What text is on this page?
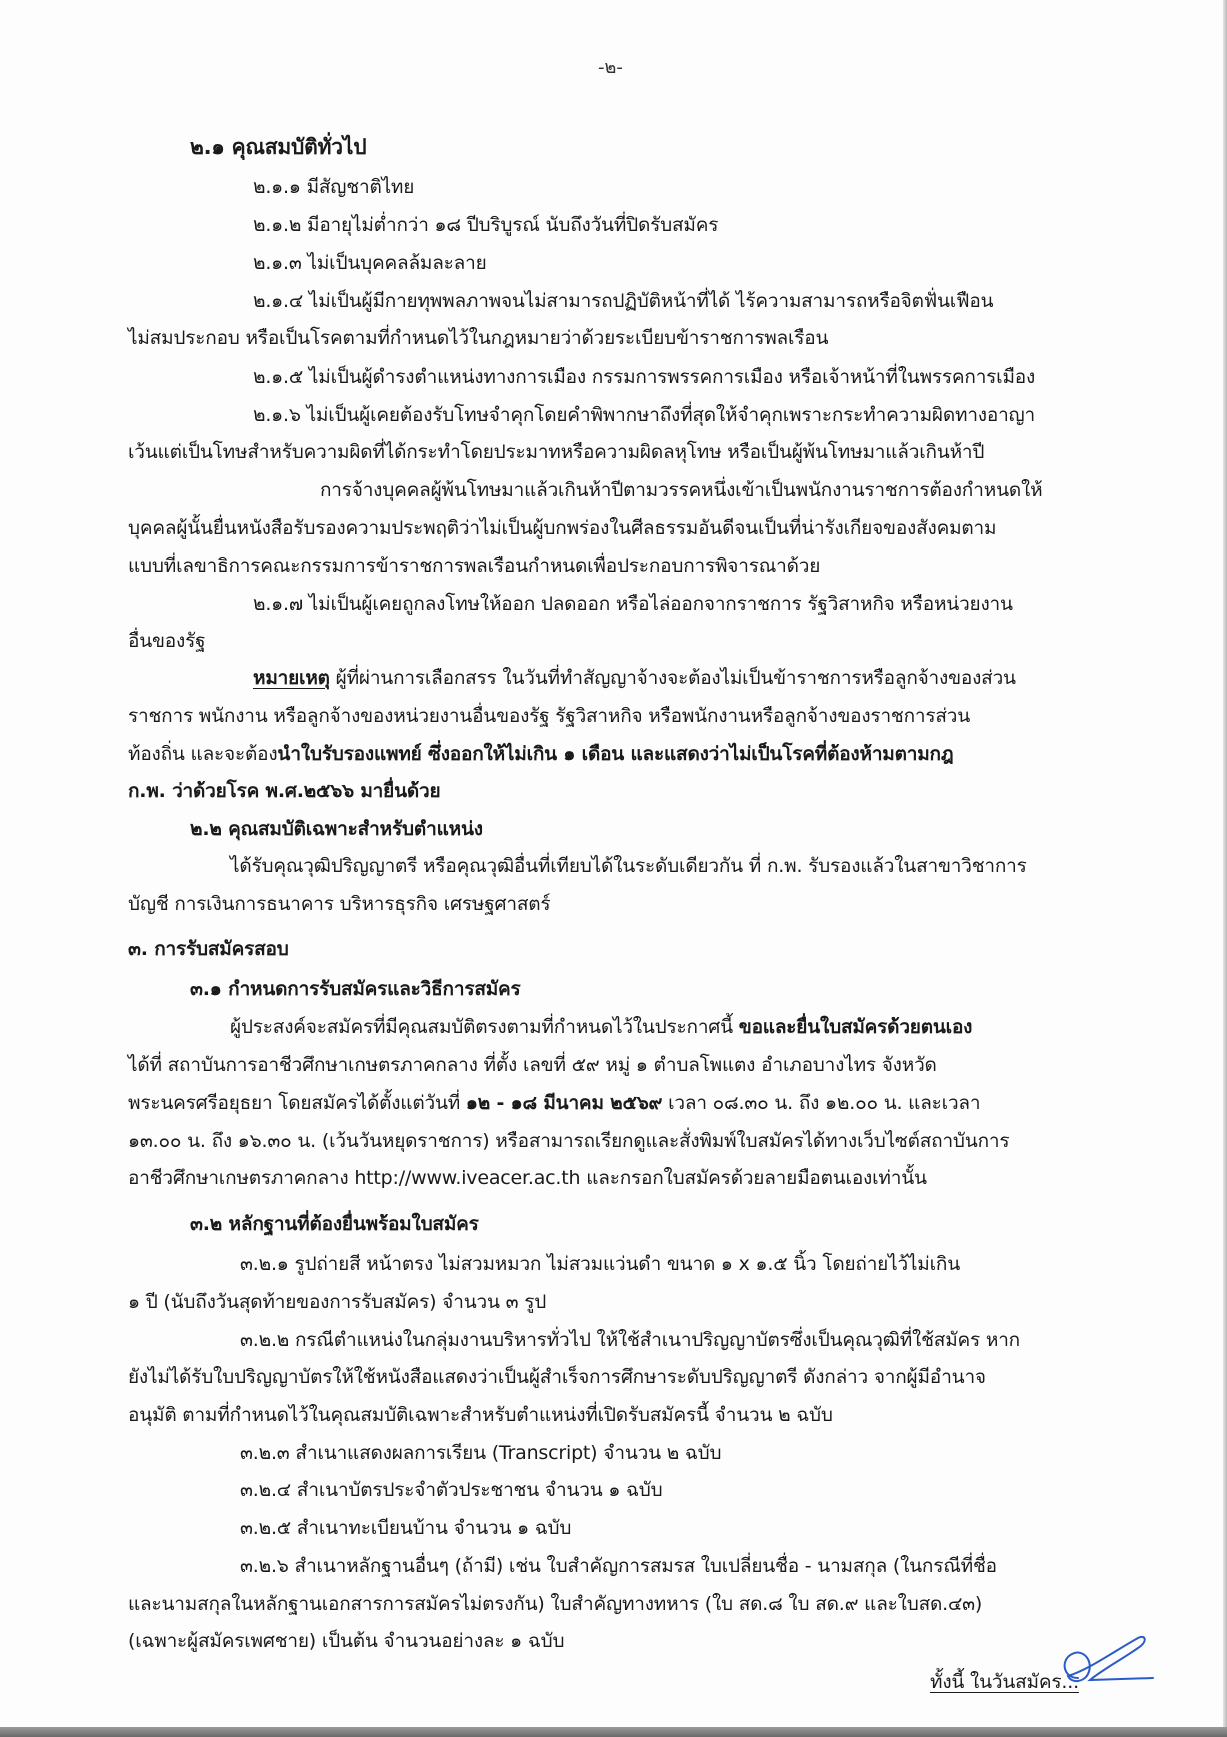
-๒-
๒.๑ คุณสมบัติทั่วไป
๒.๑.๑ มีสัญชาติไทย
๒.๑.๒ มีอายุไม่ต่ำกว่า ๑๘ ปีบริบูรณ์ นับถึงวันที่ปิดรับสมัคร
๒.๑.๓ ไม่เป็นบุคคลล้มละลาย
๒.๑.๔ ไม่เป็นผู้มีกายทุพพลภาพจนไม่สามารถปฏิบัติหน้าที่ได้ ไร้ความสามารถหรือจิตฟั่นเฟือน
ไม่สมประกอบ หรือเป็นโรคตามที่กำหนดไว้ในกฎหมายว่าด้วยระเบียบข้าราชการพลเรือน
๒.๑.๕ ไม่เป็นผู้ดำรงตำแหน่งทางการเมือง กรรมการพรรคการเมือง หรือเจ้าหน้าที่ในพรรคการเมือง
๒.๑.๖ ไม่เป็นผู้เคยต้องรับโทษจำคุกโดยคำพิพากษาถึงที่สุดให้จำคุกเพราะกระทำความผิดทางอาญา
เว้นแต่เป็นโทษสำหรับความผิดที่ได้กระทำโดยประมาทหรือความผิดลหุโทษ หรือเป็นผู้พ้นโทษมาแล้วเกินห้าปี
การจ้างบุคคลผู้พ้นโทษมาแล้วเกินห้าปีตามวรรคหนึ่งเข้าเป็นพนักงานราชการต้องกำหนดให้
บุคคลผู้นั้นยื่นหนังสือรับรองความประพฤติว่าไม่เป็นผู้บกพร่องในศีลธรรมอันดีจนเป็นที่น่ารังเกียจของสังคมตาม
แบบที่เลขาธิการคณะกรรมการข้าราชการพลเรือนกำหนดเพื่อประกอบการพิจารณาด้วย
๒.๑.๗ ไม่เป็นผู้เคยถูกลงโทษให้ออก ปลดออก หรือไล่ออกจากราชการ รัฐวิสาหกิจ หรือหน่วยงาน
อื่นของรัฐ
หมายเหตุ ผู้ที่ผ่านการเลือกสรร ในวันที่ทำสัญญาจ้างจะต้องไม่เป็นข้าราชการหรือลูกจ้างของส่วน
ราชการ พนักงาน หรือลูกจ้างของหน่วยงานอื่นของรัฐ รัฐวิสาหกิจ หรือพนักงานหรือลูกจ้างของราชการส่วน
ท้องถิ่น และจะต้องนำใบรับรองแพทย์ ซึ่งออกให้ไม่เกิน ๑ เดือน และแสดงว่าไม่เป็นโรคที่ต้องห้ามตามกฎ
ก.พ. ว่าด้วยโรค พ.ศ.๒๕๖๖ มายื่นด้วย
๒.๒ คุณสมบัติเฉพาะสำหรับตำแหน่ง
ได้รับคุณวุฒิปริญญาตรี หรือคุณวุฒิอื่นที่เทียบได้ในระดับเดียวกัน ที่ ก.พ. รับรองแล้วในสาขาวิชาการ
บัญชี การเงินการธนาคาร บริหารธุรกิจ เศรษฐศาสตร์
๓. การรับสมัครสอบ
๓.๑ กำหนดการรับสมัครและวิธีการสมัคร
ผู้ประสงค์จะสมัครที่มีคุณสมบัติตรงตามที่กำหนดไว้ในประกาศนี้ ขอและยื่นใบสมัครด้วยตนเอง
ได้ที่ สถาบันการอาชีวศึกษาเกษตรภาคกลาง ที่ตั้ง เลขที่ ๕๙ หมู่ ๑ ตำบลโพแตง อำเภอบางไทร จังหวัด
พระนครศรีอยุธยา โดยสมัครได้ตั้งแต่วันที่ ๑๒ - ๑๘ มีนาคม ๒๕๖๙ เวลา ๐๘.๓๐ น. ถึง ๑๒.๐๐ น. และเวลา
๑๓.๐๐ น. ถึง ๑๖.๓๐ น. (เว้นวันหยุดราชการ) หรือสามารถเรียกดูและสั่งพิมพ์ใบสมัครได้ทางเว็บไซต์สถาบันการ
อาชีวศึกษาเกษตรภาคกลาง http://www.iveacer.ac.th และกรอกใบสมัครด้วยลายมือตนเองเท่านั้น
๓.๒ หลักฐานที่ต้องยื่นพร้อมใบสมัคร
๓.๒.๑ รูปถ่ายสี หน้าตรง ไม่สวมหมวก ไม่สวมแว่นดำ ขนาด ๑ x ๑.๕ นิ้ว โดยถ่ายไว้ไม่เกิน
๑ ปี (นับถึงวันสุดท้ายของการรับสมัคร) จำนวน ๓ รูป
๓.๒.๒ กรณีตำแหน่งในกลุ่มงานบริหารทั่วไป ให้ใช้สำเนาปริญญาบัตรซึ่งเป็นคุณวุฒิที่ใช้สมัคร หาก
ยังไม่ได้รับใบปริญญาบัตรให้ใช้หนังสือแสดงว่าเป็นผู้สำเร็จการศึกษาระดับปริญญาตรี ดังกล่าว จากผู้มีอำนาจ
อนุมัติ ตามที่กำหนดไว้ในคุณสมบัติเฉพาะสำหรับตำแหน่งที่เปิดรับสมัครนี้ จำนวน ๒ ฉบับ
๓.๒.๓ สำเนาแสดงผลการเรียน (Transcript) จำนวน ๒ ฉบับ
๓.๒.๔ สำเนาบัตรประจำตัวประชาชน จำนวน ๑ ฉบับ
๓.๒.๕ สำเนาทะเบียนบ้าน จำนวน ๑ ฉบับ
๓.๒.๖ สำเนาหลักฐานอื่นๆ (ถ้ามี) เช่น ใบสำคัญการสมรส ใบเปลี่ยนชื่อ - นามสกุล (ในกรณีที่ชื่อ
และนามสกุลในหลักฐานเอกสารการสมัครไม่ตรงกัน) ใบสำคัญทางทหาร (ใบ สด.๘ ใบ สด.๙ และใบสด.๔๓)
(เฉพาะผู้สมัครเพศชาย) เป็นต้น จำนวนอย่างละ ๑ ฉบับ
ทั้งนี้ ในวันสมัคร...
